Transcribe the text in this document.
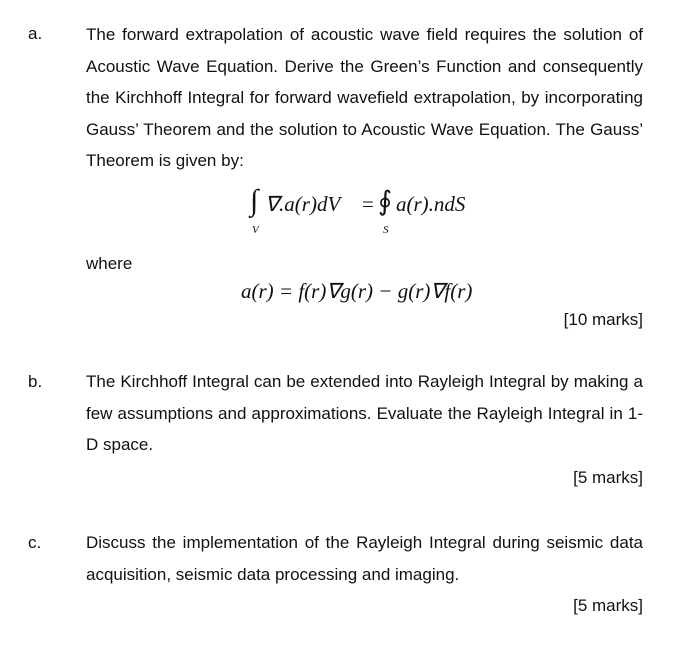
a.	The forward extrapolation of acoustic wave field requires the solution of Acoustic Wave Equation. Derive the Green’s Function and consequently the Kirchhoff Integral for forward wavefield extrapolation, by incorporating Gauss’ Theorem and the solution to Acoustic Wave Equation. The Gauss’ Theorem is given by:
∫ ∇.a(r)dV = ∮ a(r).ndS
V	S
where
a(r) = f(r)∇g(r) − g(r)∇f(r)
[10 marks]
b.	The Kirchhoff Integral can be extended into Rayleigh Integral by making a few assumptions and approximations. Evaluate the Rayleigh Integral in 1-D space.
[5 marks]
c.	Discuss the implementation of the Rayleigh Integral during seismic data acquisition, seismic data processing and imaging.
[5 marks]
